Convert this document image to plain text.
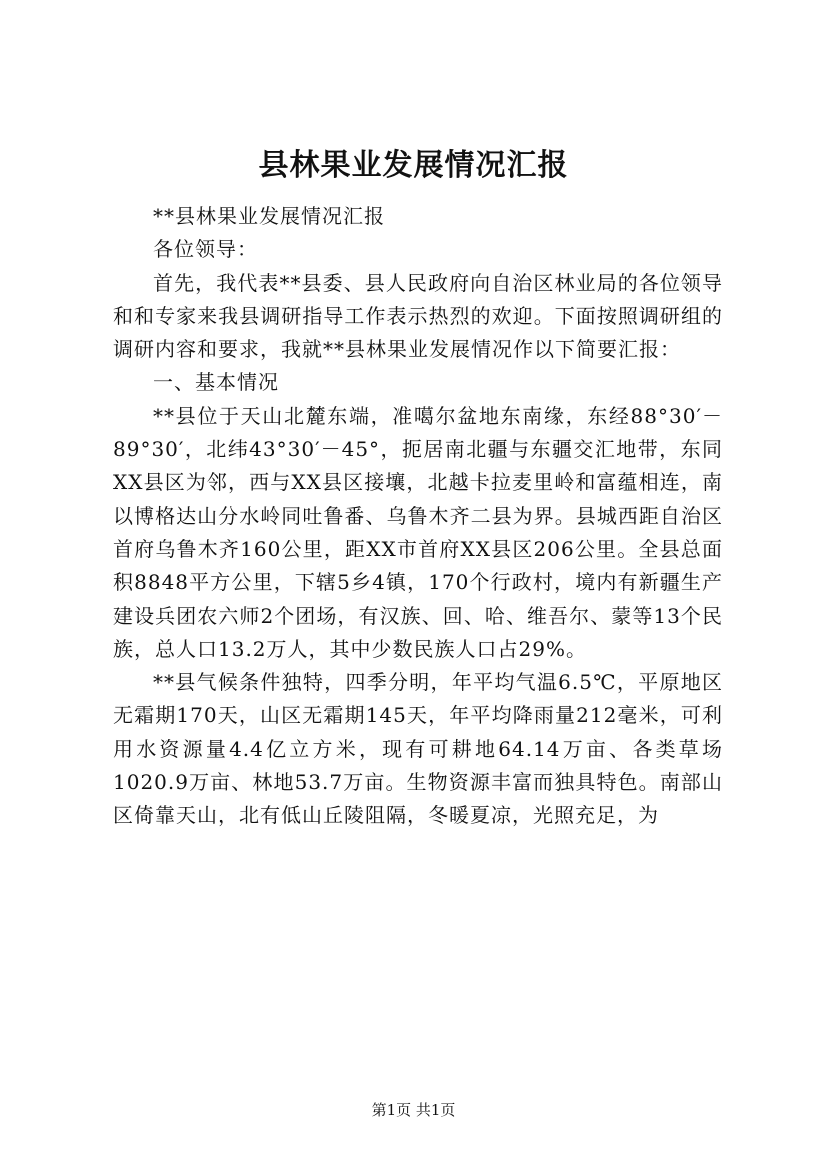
县林果业发展情况汇报

**县林果业发展情况汇报

各位领导：

首先，我代表**县委、县人民政府向自治区林业局的各位领导和和专家来我县调研指导工作表示热烈的欢迎。下面按照调研组的调研内容和要求，我就**县林果业发展情况作以下简要汇报：

一、基本情况

**县位于天山北麓东端，准噶尔盆地东南缘，东经88°30′－89°30′，北纬43°30′－45°，扼居南北疆与东疆交汇地带，东同XX县区为邻，西与XX县区接壤，北越卡拉麦里岭和富蕴相连，南以博格达山分水岭同吐鲁番、乌鲁木齐二县为界。县城西距自治区首府乌鲁木齐160公里，距XX市首府XX县区206公里。全县总面积8848平方公里，下辖5乡4镇，170个行政村，境内有新疆生产建设兵团农六师2个团场，有汉族、回、哈、维吾尔、蒙等13个民族，总人口13.2万人，其中少数民族人口占29%。

**县气候条件独特，四季分明，年平均气温6.5℃，平原地区无霜期170天，山区无霜期145天，年平均降雨量212毫米，可利用水资源量4.4亿立方米，现有可耕地64.14万亩、各类草场1020.9万亩、林地53.7万亩。生物资源丰富而独具特色。南部山区倚靠天山，北有低山丘陵阻隔，冬暖夏凉，光照充足，为

第1页 共1页
